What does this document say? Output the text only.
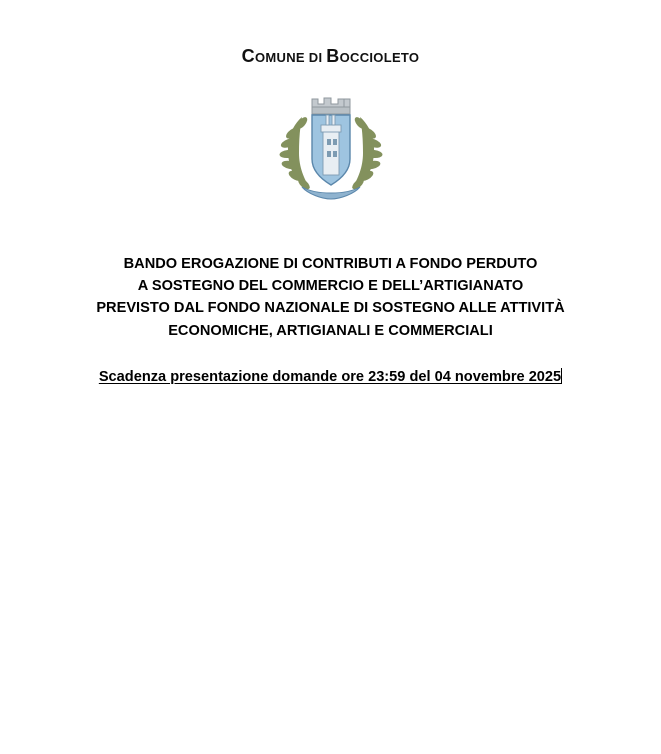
COMUNE DI BOCCIOLETO
BANDO EROGAZIONE DI CONTRIBUTI A FONDO PERDUTO
A SOSTEGNO DEL COMMERCIO E DELL’ARTIGIANATO
PREVISTO DAL FONDO NAZIONALE DI SOSTEGNO ALLE ATTIVITÀ
ECONOMICHE, ARTIGIANALI E COMMERCIALI
Scadenza presentazione domande ore 23:59 del 04 novembre 2025
